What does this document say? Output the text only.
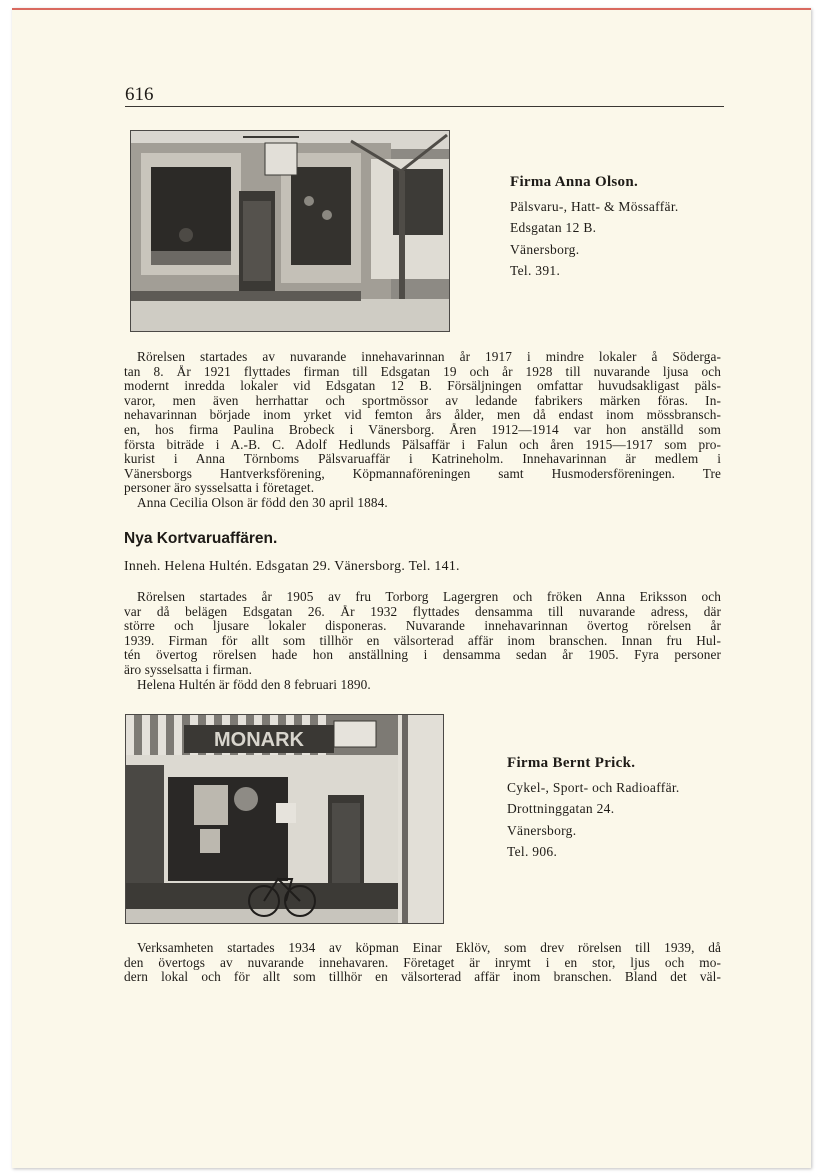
616
Firma Anna Olson.
Pälsvaru-, Hatt- & Mössaffär.
Edsgatan 12 B.
Vänersborg.
Tel. 391.
Rörelsen startades av nuvarande innehavarinnan år 1917 i mindre lokaler å Södergа-
tan 8. År 1921 flyttades firman till Edsgatan 19 och år 1928 till nuvarande ljusa och
modernt inredda lokaler vid Edsgatan 12 B. Försäljningen omfattar huvudsakligast päls-
varor, men även herrhattar och sportmössor av ledande fabrikers märken föras. In-
nehavarinnan började inom yrket vid femton års ålder, men då endast inom mössbransch-
en, hos firma Paulina Brobeck i Vänersborg. Åren 1912—1914 var hon anställd som
första biträde i A.-B. C. Adolf Hedlunds Pälsaffär i Falun och åren 1915—1917 som pro-
kurist i Anna Törnboms Pälsvaruaffär i Katrineholm. Innehavarinnan är medlem i
Vänersborgs Hantverksförening, Köpmannaföreningen samt Husmodersföreningen. Tre
personer äro sysselsatta i företaget.
Anna Cecilia Olson är född den 30 april 1884.
Nya Kortvaruaffären.
Inneh. Helena Hultén. Edsgatan 29. Vänersborg. Tel. 141.
Rörelsen startades år 1905 av fru Torborg Lagergren och fröken Anna Eriksson och
var då belägen Edsgatan 26. År 1932 flyttades densamma till nuvarande adress, där
större och ljusare lokaler disponeras. Nuvarande innehavarinnan övertog rörelsen år
1939. Firman för allt som tillhör en välsorterad affär inom branschen. Innan fru Hul-
tén övertog rörelsen hade hon anställning i densamma sedan år 1905. Fyra personer
äro sysselsatta i firman.
Helena Hultén är född den 8 februari 1890.
MONARK
Firma Bernt Prick.
Cykel-, Sport- och Radioaffär.
Drottninggatan 24.
Vänersborg.
Tel. 906.
Verksamheten startades 1934 av köpman Einar Eklöv, som drev rörelsen till 1939, då
den övertogs av nuvarande innehavaren. Företaget är inrymt i en stor, ljus och mo-
dern lokal och för allt som tillhör en välsorterad affär inom branschen. Bland det väl-
